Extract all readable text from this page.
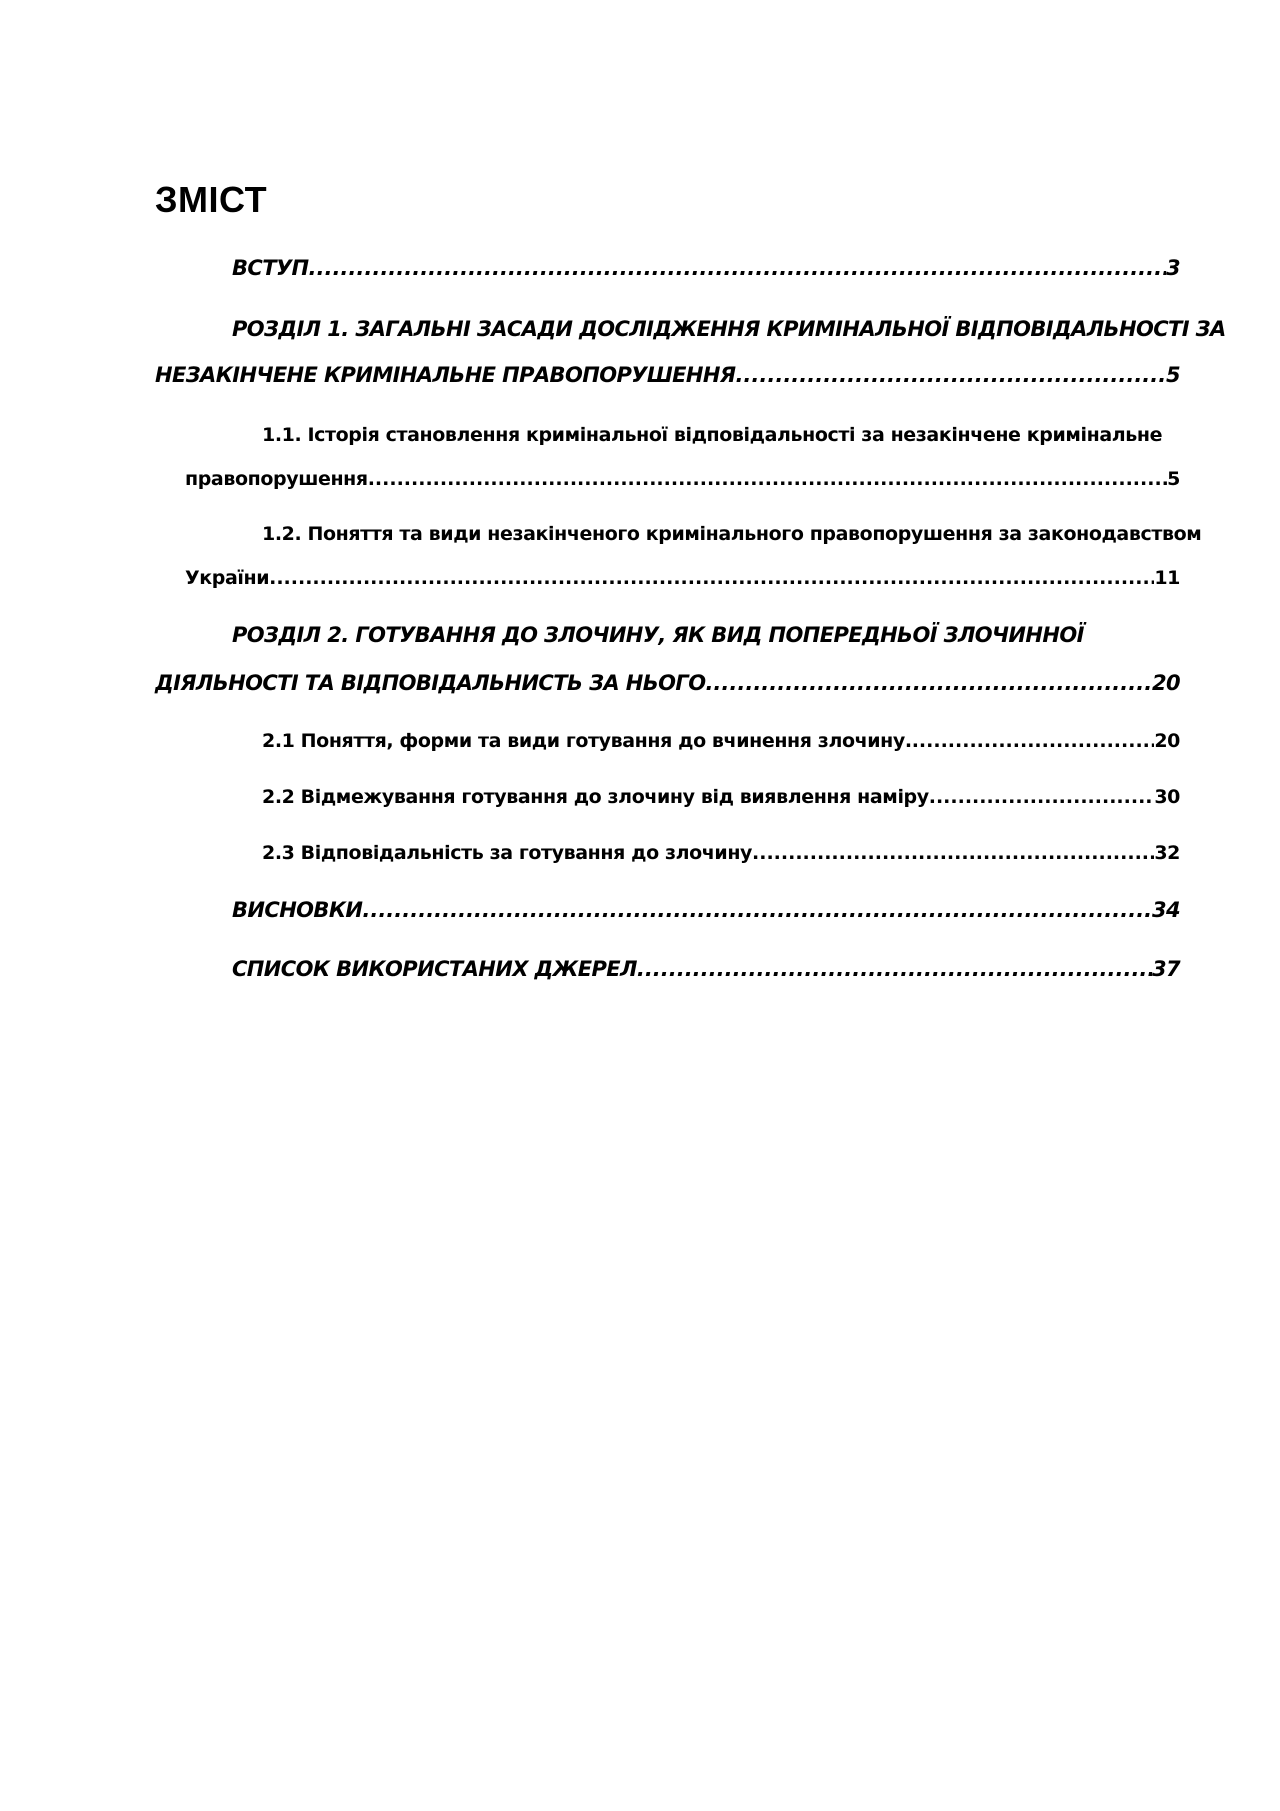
ЗМІСТ
ВСТУП .....	3
РОЗДІЛ 1. ЗАГАЛЬНІ ЗАСАДИ ДОСЛІДЖЕННЯ КРИМІНАЛЬНОЇ ВІДПОВІДАЛЬНОСТІ ЗА
НЕЗАКІНЧЕНЕ КРИМІНАЛЬНЕ ПРАВОПОРУШЕННЯ .....	5
1.1. Історія становлення кримінальної відповідальності за незакінчене кримінальне
правопорушення .....	5
1.2. Поняття та види незакінченого кримінального правопорушення за законодавством
України .....	11
РОЗДІЛ 2. ГОТУВАННЯ ДО ЗЛОЧИНУ, ЯК ВИД ПОПЕРЕДНЬОЇ ЗЛОЧИННОЇ
ДІЯЛЬНОСТІ ТА ВІДПОВІДАЛЬНИСТЬ ЗА НЬОГО .....	20
2.1 Поняття, форми та види готування до вчинення злочину. .....	20
2.2 Відмежування готування до злочину від виявлення наміру .....	30
2.3 Відповідальність за готування до злочину .....	32
ВИСНОВКИ .....	34
СПИСОК ВИКОРИСТАНИХ ДЖЕРЕЛ .....	37
